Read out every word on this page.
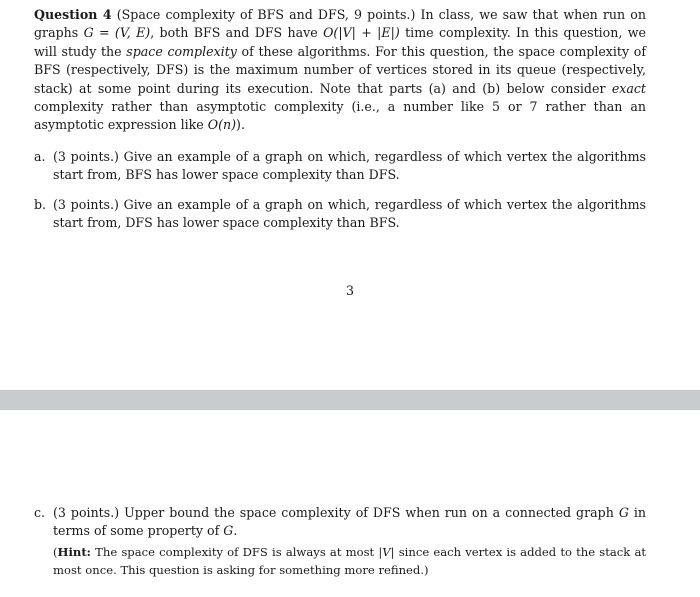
Question 4 (Space complexity of BFS and DFS, 9 points.) In class, we saw that when run on graphs G = (V, E), both BFS and DFS have O(|V| + |E|) time complexity. In this question, we will study the space complexity of these algorithms. For this question, the space complexity of BFS (respectively, DFS) is the maximum number of vertices stored in its queue (respectively, stack) at some point during its execution. Note that parts (a) and (b) below consider exact complexity rather than asymptotic complexity (i.e., a number like 5 or 7 rather than an asymptotic expression like O(n)).
a. (3 points.) Give an example of a graph on which, regardless of which vertex the algorithms start from, BFS has lower space complexity than DFS.
b. (3 points.) Give an example of a graph on which, regardless of which vertex the algorithms start from, DFS has lower space complexity than BFS.
3
c. (3 points.) Upper bound the space complexity of DFS when run on a connected graph G in terms of some property of G.
(Hint: The space complexity of DFS is always at most |V| since each vertex is added to the stack at most once. This question is asking for something more refined.)
